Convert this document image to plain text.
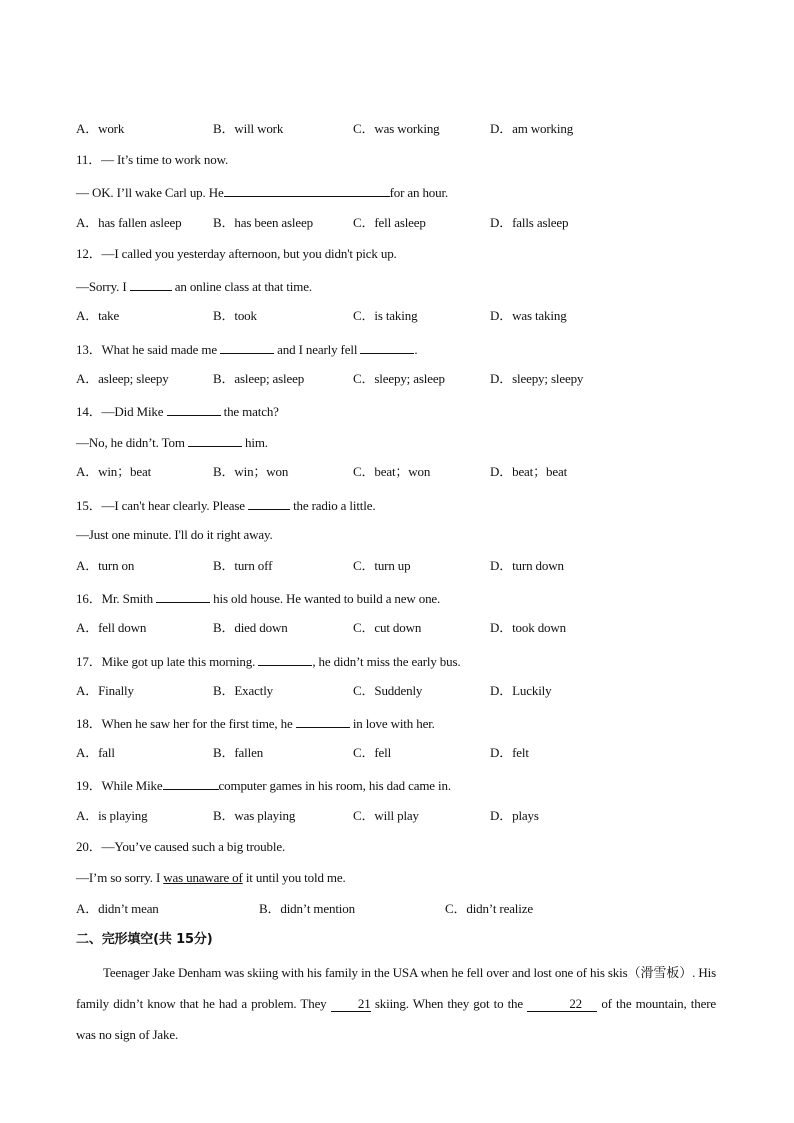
A．work	B．will work	C．was working	D．am working
11．— It’s time to work now.
— OK. I’ll wake Carl up. He	for an hour.
A．has fallen asleep B．has been asleep	C．fell asleep	D．falls asleep
12．—I called you yesterday afternoon, but you didn't pick up.
—Sorry. I	an online class at that time.
A．take	B．took	C．is taking	D．was taking
13．What he said made me	and I nearly fell	.
A．asleep; sleepy	B．asleep; asleep	C．sleepy; asleep	D．sleepy; sleepy
14．—Did Mike	the match?
—No, he didn’t. Tom	him.
A．win；beat	B．win；won	C．beat；won	D．beat；beat
15．—I can't hear clearly. Please	the radio a little.
—Just one minute. I'll do it right away.
A．turn on	B．turn off	C．turn up	D．turn down
16．Mr. Smith	his old house. He wanted to build a new one.
A．fell down	B．died down	C．cut down	D．took down
17．Mike got up late this morning.	, he didn’t miss the early bus.
A．Finally	B．Exactly	C．Suddenly	D．Luckily
18．When he saw her for the first time, he	in love with her.
A．fall	B．fallen	C．fell	D．felt
19．While Mike	computer games in his room, his dad came in.
A．is playing	B．was playing	C．will play	D．plays
20．—You’ve caused such a big trouble.
—I’m so sorry. I was unaware of it until you told me.
A．didn’t mean	B．didn’t mention	C．didn’t realize
二、完形填空(共 15分)
Teenager Jake Denham was skiing with his family in the USA when he fell over and lost one of his skis（滑雪板）. His family didn’t know that he had a problem. They 21 skiing. When they got to the	22 of the mountain, there was no sign of Jake.
